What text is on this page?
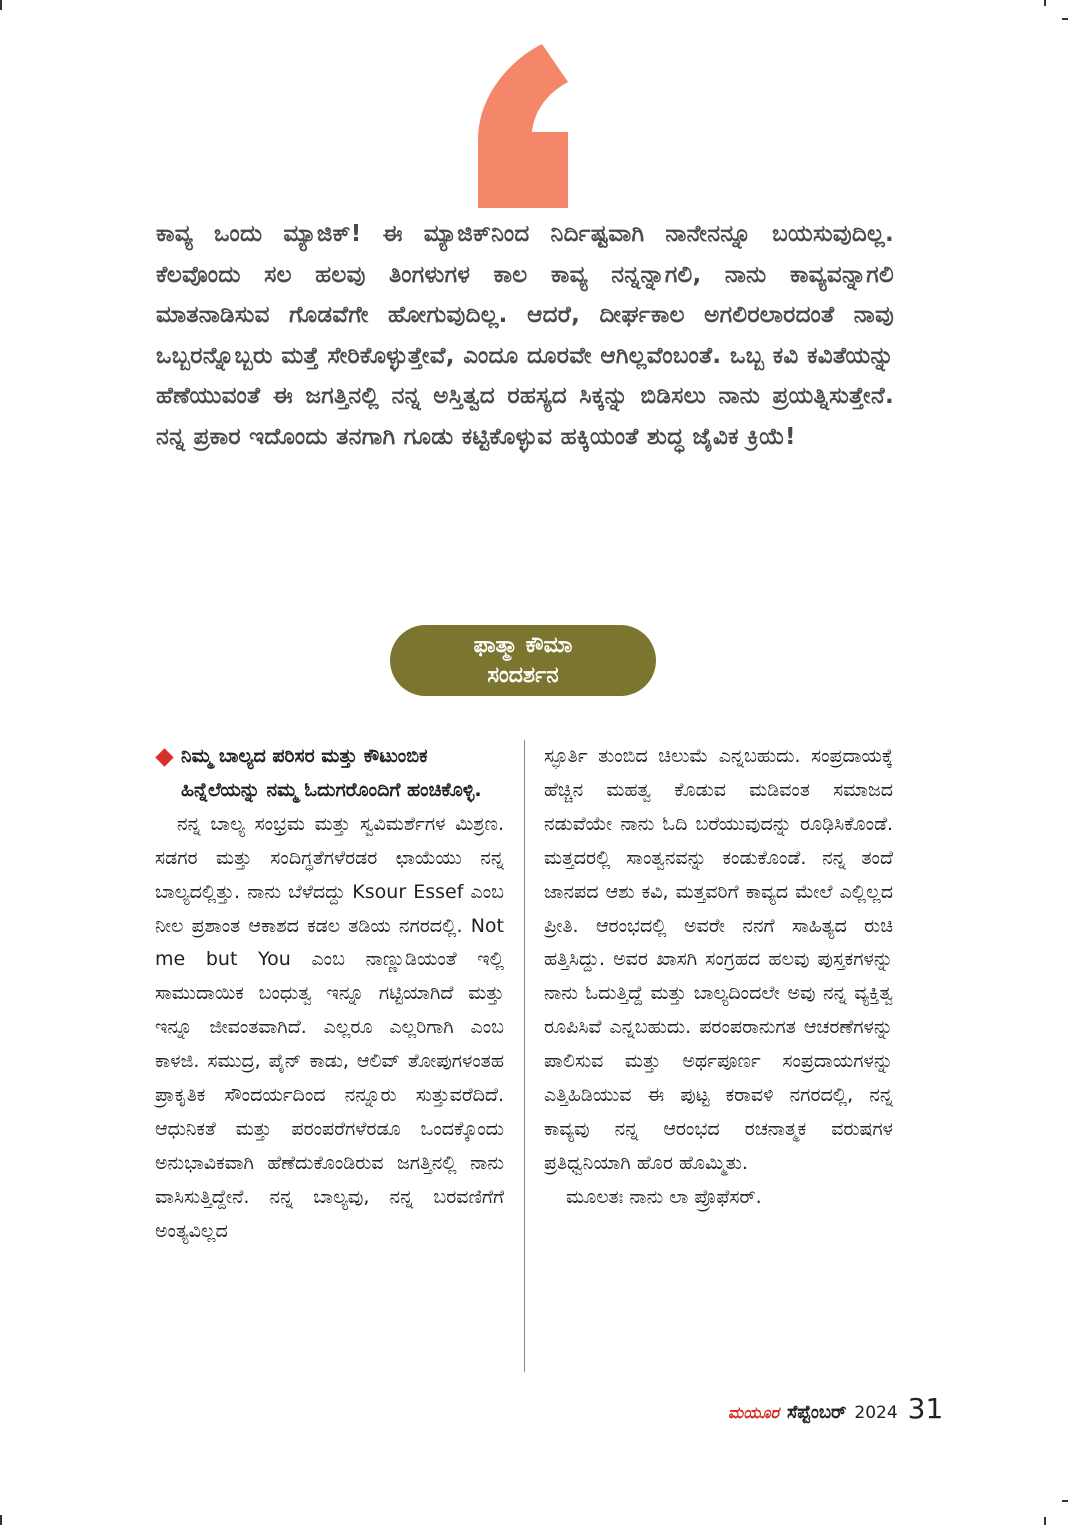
ಕಾವ್ಯ ಒಂದು ಮ್ಯಾಜಿಕ್! ಈ ಮ್ಯಾಜಿಕ್‌ನಿಂದ ನಿರ್ದಿಷ್ಟವಾಗಿ ನಾನೇನನ್ನೂ ಬಯಸುವುದಿಲ್ಲ. ಕೆಲವೊಂದು ಸಲ ಹಲವು ತಿಂಗಳುಗಳ ಕಾಲ ಕಾವ್ಯ ನನ್ನನ್ನಾಗಲಿ, ನಾನು ಕಾವ್ಯವನ್ನಾಗಲಿ ಮಾತನಾಡಿಸುವ ಗೊಡವೆಗೇ ಹೋಗುವುದಿಲ್ಲ. ಆದರೆ, ದೀರ್ಘಕಾಲ ಅಗಲಿರಲಾರದಂತೆ ನಾವು ಒಬ್ಬರನ್ನೊಬ್ಬರು ಮತ್ತೆ ಸೇರಿಕೊಳ್ಳುತ್ತೇವೆ, ಎಂದೂ ದೂರವೇ ಆಗಿಲ್ಲವೆಂಬಂತೆ. ಒಬ್ಬ ಕವಿ ಕವಿತೆಯನ್ನು ಹೆಣೆಯುವಂತೆ ಈ ಜಗತ್ತಿನಲ್ಲಿ ನನ್ನ ಅಸ್ತಿತ್ವದ ರಹಸ್ಯದ ಸಿಕ್ಕನ್ನು ಬಿಡಿಸಲು ನಾನು ಪ್ರಯತ್ನಿಸುತ್ತೇನೆ. ನನ್ನ ಪ್ರಕಾರ ಇದೊಂದು ತನಗಾಗಿ ಗೂಡು ಕಟ್ಟಿಕೊಳ್ಳುವ ಹಕ್ಕಿಯಂತೆ ಶುದ್ಧ ಜೈವಿಕ ಕ್ರಿಯೆ!
ಫಾತ್ಮಾ ಕೌಮಾ
ಸಂದರ್ಶನ
ನಿಮ್ಮ ಬಾಲ್ಯದ ಪರಿಸರ ಮತ್ತು ಕೌಟುಂಬಿಕ ಹಿನ್ನೆಲೆಯನ್ನು ನಮ್ಮ ಓದುಗರೊಂದಿಗೆ ಹಂಚಿಕೊಳ್ಳಿ.

ನನ್ನ ಬಾಲ್ಯ ಸಂಭ್ರಮ ಮತ್ತು ಸ್ವವಿಮರ್ಶೆಗಳ ಮಿಶ್ರಣ. ಸಡಗರ ಮತ್ತು ಸಂದಿಗ್ಧತೆಗಳೆರಡರ ಛಾಯೆಯು ನನ್ನ ಬಾಲ್ಯದಲ್ಲಿತ್ತು. ನಾನು ಬೆಳೆದದ್ದು Ksour Essef ಎಂಬ ನೀಲ ಪ್ರಶಾಂತ ಆಕಾಶದ ಕಡಲ ತಡಿಯ ನಗರದಲ್ಲಿ. Not me but You ಎಂಬ ನಾಣ್ಣುಡಿಯಂತೆ ಇಲ್ಲಿ ಸಾಮುದಾಯಿಕ ಬಂಧುತ್ವ ಇನ್ನೂ ಗಟ್ಟಿಯಾಗಿದೆ ಮತ್ತು ಇನ್ನೂ ಜೀವಂತವಾಗಿದೆ. ಎಲ್ಲರೂ ಎಲ್ಲರಿಗಾಗಿ ಎಂಬ ಕಾಳಜಿ. ಸಮುದ್ರ, ಪೈನ್ ಕಾಡು, ಆಲಿವ್ ತೋಪುಗಳಂತಹ ಪ್ರಾಕೃತಿಕ ಸೌಂದರ್ಯದಿಂದ ನನ್ನೂರು ಸುತ್ತುವರೆದಿದೆ. ಆಧುನಿಕತೆ ಮತ್ತು ಪರಂಪರೆಗಳೆರಡೂ ಒಂದಕ್ಕೊಂದು ಅನುಭಾವಿಕವಾಗಿ ಹೆಣೆದುಕೊಂಡಿರುವ ಜಗತ್ತಿನಲ್ಲಿ ನಾನು ವಾಸಿಸುತ್ತಿದ್ದೇನೆ. ನನ್ನ ಬಾಲ್ಯವು, ನನ್ನ ಬರವಣಿಗೆಗೆ ಅಂತ್ಯವಿಲ್ಲದ

ಸ್ಫೂರ್ತಿ ತುಂಬಿದ ಚಿಲುಮೆ ಎನ್ನಬಹುದು. ಸಂಪ್ರದಾಯಕ್ಕೆ ಹೆಚ್ಚಿನ ಮಹತ್ವ ಕೊಡುವ ಮಡಿವಂತ ಸಮಾಜದ ನಡುವೆಯೇ ನಾನು ಓದಿ ಬರೆಯುವುದನ್ನು ರೂಢಿಸಿಕೊಂಡೆ. ಮತ್ತದರಲ್ಲಿ ಸಾಂತ್ವನವನ್ನು ಕಂಡುಕೊಂಡೆ. ನನ್ನ ತಂದೆ ಜಾನಪದ ಆಶು ಕವಿ, ಮತ್ತವರಿಗೆ ಕಾವ್ಯದ ಮೇಲೆ ಎಲ್ಲಿಲ್ಲದ ಪ್ರೀತಿ. ಆರಂಭದಲ್ಲಿ ಅವರೇ ನನಗೆ ಸಾಹಿತ್ಯದ ರುಚಿ ಹತ್ತಿಸಿದ್ದು. ಅವರ ಖಾಸಗಿ ಸಂಗ್ರಹದ ಹಲವು ಪುಸ್ತಕಗಳನ್ನು ನಾನು ಓದುತ್ತಿದ್ದೆ ಮತ್ತು ಬಾಲ್ಯದಿಂದಲೇ ಅವು ನನ್ನ ವ್ಯಕ್ತಿತ್ವ ರೂಪಿಸಿವೆ ಎನ್ನಬಹುದು. ಪರಂಪರಾನುಗತ ಆಚರಣೆಗಳನ್ನು ಪಾಲಿಸುವ ಮತ್ತು ಅರ್ಥಪೂರ್ಣ ಸಂಪ್ರದಾಯಗಳನ್ನು ಎತ್ತಿಹಿಡಿಯುವ ಈ ಪುಟ್ಟ ಕರಾವಳಿ ನಗರದಲ್ಲಿ, ನನ್ನ ಕಾವ್ಯವು ನನ್ನ ಆರಂಭದ ರಚನಾತ್ಮಕ ವರುಷಗಳ ಪ್ರತಿಧ್ವನಿಯಾಗಿ ಹೊರ ಹೊಮ್ಮಿತು.

ಮೂಲತಃ ನಾನು ಲಾ ಪ್ರೊಫೆಸರ್.

ಮಯೂರ ಸೆಪ್ಟೆಂಬರ್ 2024 31
